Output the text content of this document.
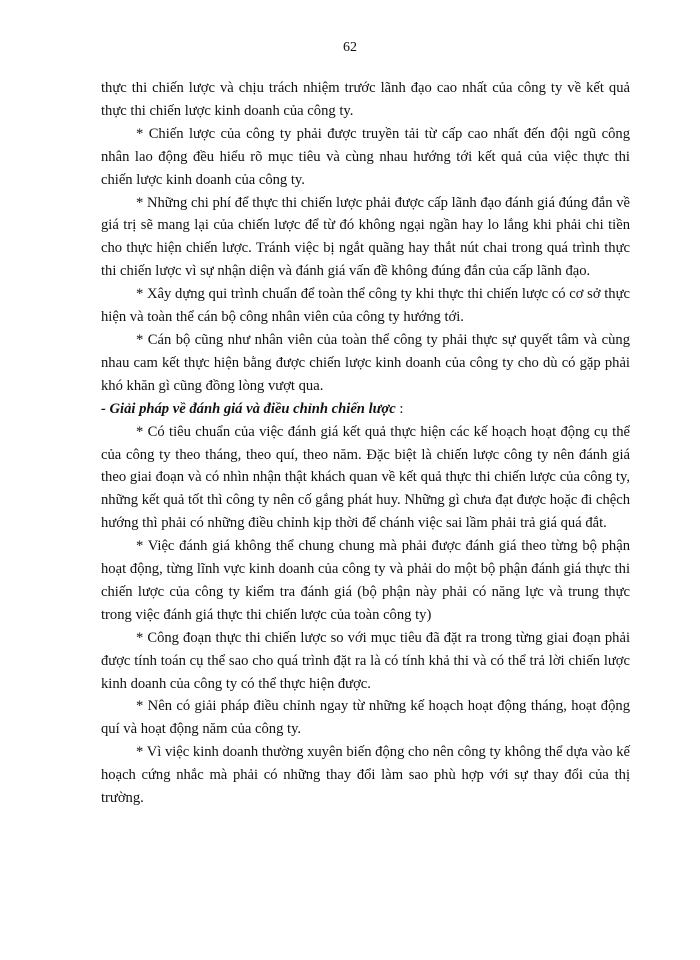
62

thực thi chiến lược và chịu trách nhiệm trước lãnh đạo cao nhất của công ty về kết quả thực thi chiến lược kinh doanh của công ty.

* Chiến lược của công ty phải được truyền tải từ cấp cao nhất đến đội ngũ công nhân lao động đều hiểu rõ mục tiêu và cùng nhau hướng tới kết quả của việc thực thi chiến lược kinh doanh của công ty.

* Những chi phí để thực thi chiến lược phải được cấp lãnh đạo đánh giá đúng đắn về giá trị sẽ mang lại của chiến lược để từ đó không ngại ngần hay lo lắng khi phải chi tiền cho thực hiện chiến lược. Tránh việc bị ngắt quãng hay thắt nút chai trong quá trình thực thi chiến lược vì sự nhận diện và đánh giá vấn đề không đúng đắn của cấp lãnh đạo.

* Xây dựng qui trình chuẩn để toàn thể công ty khi thực thi chiến lược có cơ sở thực hiện và toàn thể cán bộ công nhân viên của công ty hướng tới.

* Cán bộ cũng như nhân viên của toàn thể công ty phải thực sự quyết tâm và cùng nhau cam kết thực hiện bằng được chiến lược kinh doanh của công ty cho dù có gặp phải khó khăn gì cũng đồng lòng vượt qua.

- Giải pháp về đánh giá và điều chỉnh chiến lược :

* Có tiêu chuẩn của việc đánh giá kết quả thực hiện các kế hoạch hoạt động cụ thể của công ty theo tháng, theo quí, theo năm. Đặc biệt là chiến lược công ty nên đánh giá theo giai đoạn và có nhìn nhận thật khách quan về kết quả thực thi chiến lược của công ty, những kết quả tốt thì công ty nên cố gắng phát huy. Những gì chưa đạt được hoặc đi chệch hướng thì phải có những điều chỉnh kịp thời để chánh việc sai lầm phải trả giá quá đắt.

* Việc đánh giá không thể chung chung mà phải được đánh giá theo từng bộ phận hoạt động, từng lĩnh vực kinh doanh của công ty và phải do một bộ phận đánh giá thực thi chiến lược của công ty kiểm tra đánh giá (bộ phận này phải có năng lực và trung thực trong việc đánh giá thực thi chiến lược của toàn công ty)

* Công đoạn thực thi chiến lược so với mục tiêu đã đặt ra trong từng giai đoạn phải được tính toán cụ thể sao cho quá trình đặt ra là có tính khả thi và có thể trả lời chiến lược kinh doanh của công ty có thể thực hiện được.

* Nên có giải pháp điều chỉnh ngay từ những kế hoạch hoạt động tháng, hoạt động quí và hoạt động năm của công ty.

* Vì việc kinh doanh thường xuyên biến động cho nên công ty không thể dựa vào kế hoạch cứng nhắc mà phải có những thay đổi làm sao phù hợp với sự thay đổi của thị trường.
